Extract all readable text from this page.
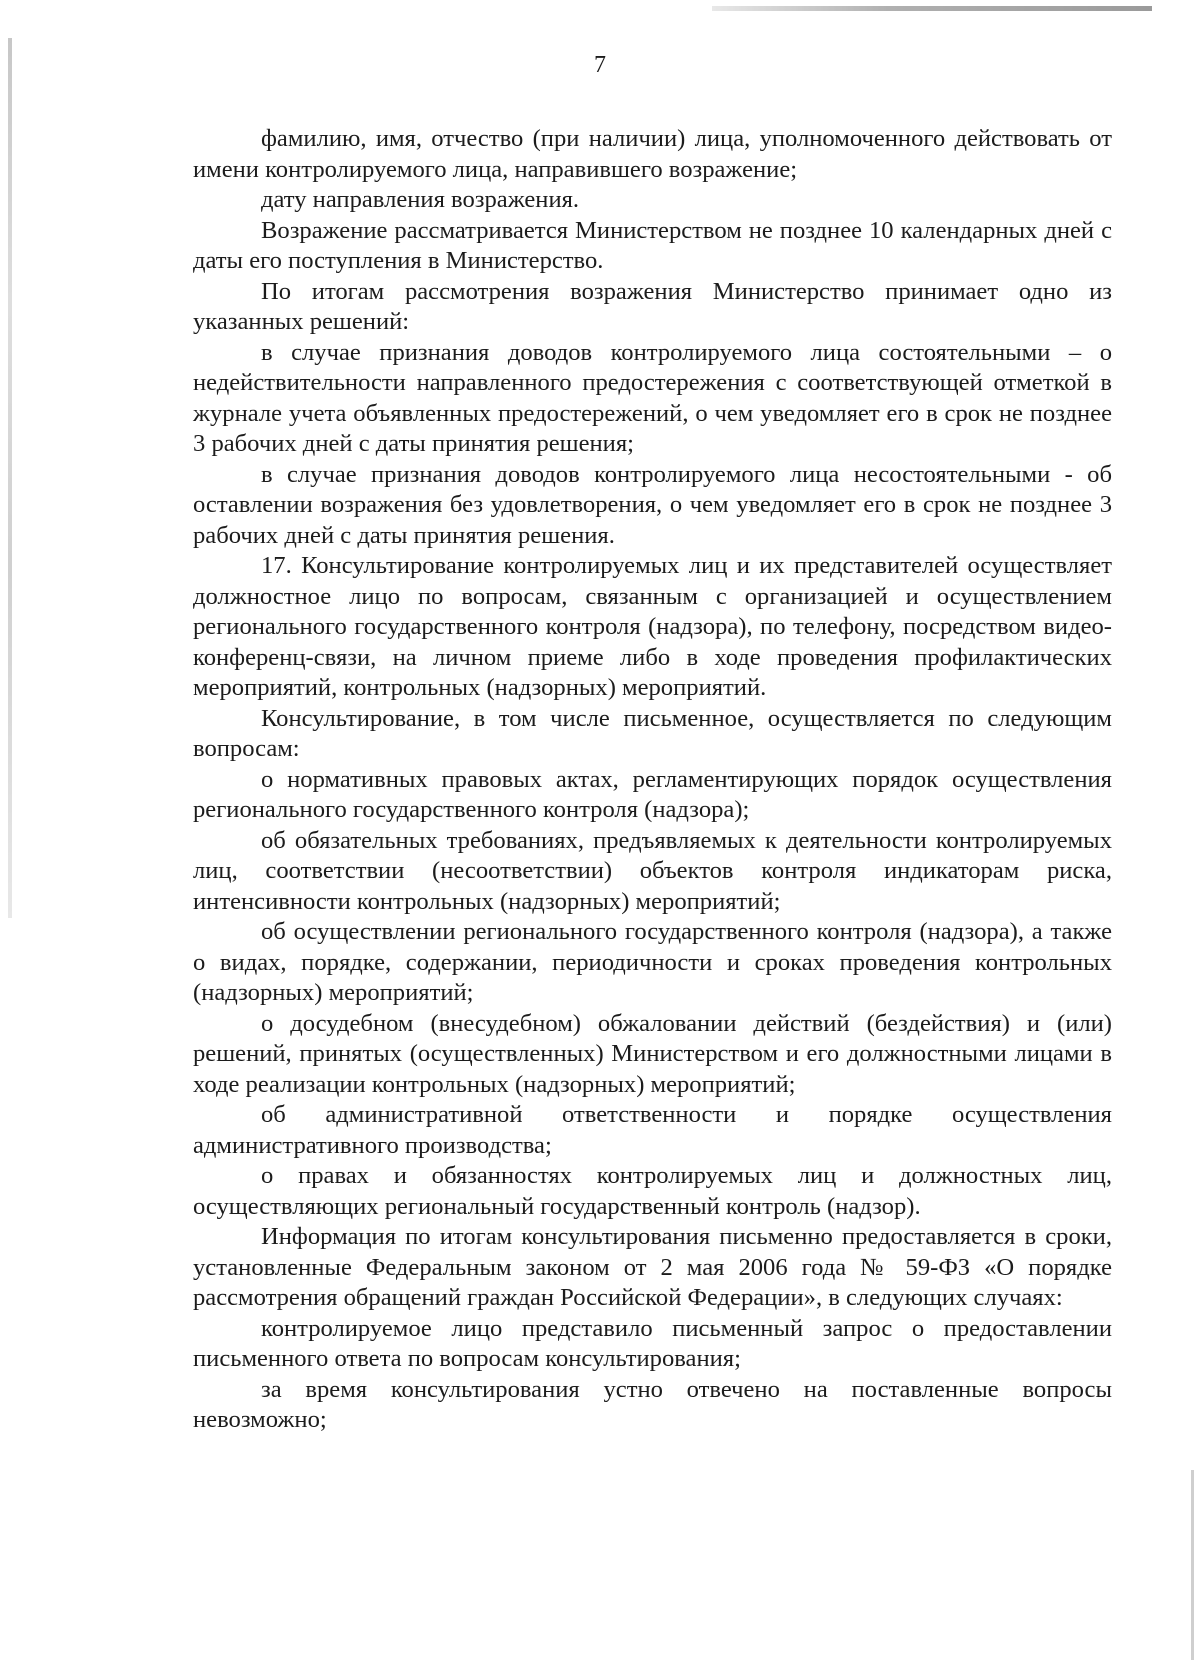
7

фамилию, имя, отчество (при наличии) лица, уполномоченного действовать от имени контролируемого лица, направившего возражение;

дату направления возражения.

Возражение рассматривается Министерством не позднее 10 календарных дней с даты его поступления в Министерство.

По итогам рассмотрения возражения Министерство принимает одно из указанных решений:

в случае признания доводов контролируемого лица состоятельными – о недействительности направленного предостережения с соответствующей отметкой в журнале учета объявленных предостережений, о чем уведомляет его в срок не позднее 3 рабочих дней с даты принятия решения;

в случае признания доводов контролируемого лица несостоятельными - об оставлении возражения без удовлетворения, о чем уведомляет его в срок не позднее 3 рабочих дней с даты принятия решения.

17. Консультирование контролируемых лиц и их представителей осуществляет должностное лицо по вопросам, связанным с организацией и осуществлением регионального государственного контроля (надзора), по телефону, посредством видео-конференц-связи, на личном приеме либо в ходе проведения профилактических мероприятий, контрольных (надзорных) мероприятий.

Консультирование, в том числе письменное, осуществляется по следующим вопросам:

о нормативных правовых актах, регламентирующих порядок осуществления регионального государственного контроля (надзора);

об обязательных требованиях, предъявляемых к деятельности контролируемых лиц, соответствии (несоответствии) объектов контроля индикаторам риска, интенсивности контрольных (надзорных) мероприятий;

об осуществлении регионального государственного контроля (надзора), а также о видах, порядке, содержании, периодичности и сроках проведения контрольных (надзорных) мероприятий;

о досудебном (внесудебном) обжаловании действий (бездействия) и (или) решений, принятых (осуществленных) Министерством и его должностными лицами в ходе реализации контрольных (надзорных) мероприятий;

об административной ответственности и порядке осуществления административного производства;

о правах и обязанностях контролируемых лиц и должностных лиц, осуществляющих региональный государственный контроль (надзор).

Информация по итогам консультирования письменно предоставляется в сроки, установленные Федеральным законом от 2 мая 2006 года № 59-ФЗ «О порядке рассмотрения обращений граждан Российской Федерации», в следующих случаях:

контролируемое лицо представило письменный запрос о предоставлении письменного ответа по вопросам консультирования;

за время консультирования устно отвечено на поставленные вопросы невозможно;
